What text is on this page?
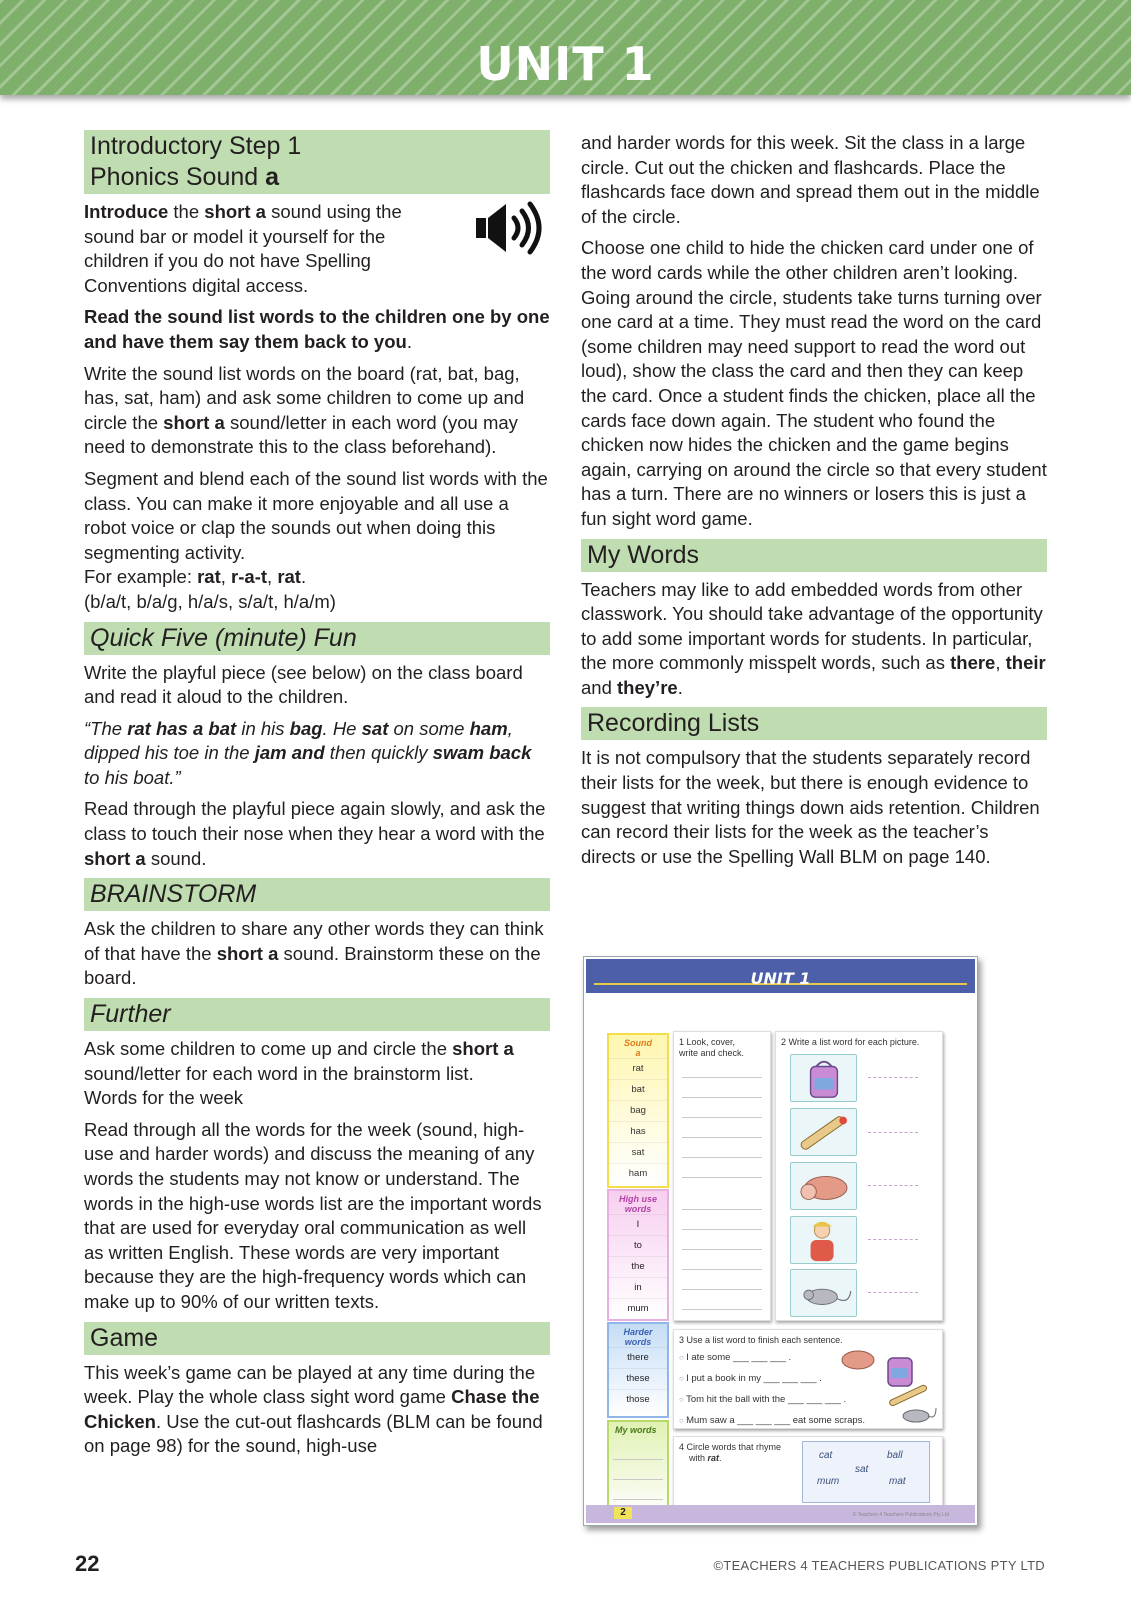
UNIT 1
Introductory Step 1
Phonics Sound a

Introduce the short a sound using the sound bar or model it yourself for the children if you do not have Spelling Conventions digital access.

Read the sound list words to the children one by one and have them say them back to you.

Write the sound list words on the board (rat, bat, bag, has, sat, ham) and ask some children to come up and circle the short a sound/letter in each word (you may need to demonstrate this to the class beforehand).

Segment and blend each of the sound list words with the class. You can make it more enjoyable and all use a robot voice or clap the sounds out when doing this segmenting activity.

For example: rat, r-a-t, rat.

(b/a/t, b/a/g, h/a/s, s/a/t, h/a/m)

Quick Five (minute) Fun

Write the playful piece (see below) on the class board and read it aloud to the children.

“The rat has a bat in his bag. He sat on some ham, dipped his toe in the jam and then quickly swam back to his boat.”

Read through the playful piece again slowly, and ask the class to touch their nose when they hear a word with the short a sound.

BRAINSTORM

Ask the children to share any other words they can think of that have the short a sound. Brainstorm these on the board.

Further

Ask some children to come up and circle the short a sound/letter for each word in the brainstorm list.

Words for the week

Read through all the words for the week (sound, high-use and harder words) and discuss the meaning of any words the students may not know or understand. The words in the high-use words list are the important words that are used for everyday oral communication as well as written English. These words are very important because they are the high-frequency words which can make up to 90% of our written texts.

Game

This week’s game can be played at any time during the week. Play the whole class sight word game Chase the Chicken. Use the cut-out flashcards (BLM can be found on page 98) for the sound, high-use

and harder words for this week. Sit the class in a large circle. Cut out the chicken and flashcards. Place the flashcards face down and spread them out in the middle of the circle.

Choose one child to hide the chicken card under one of the word cards while the other children aren’t looking. Going around the circle, students take turns turning over one card at a time. They must read the word on the card (some children may need support to read the word out loud), show the class the card and then they can keep the card. Once a student finds the chicken, place all the cards face down again. The student who found the chicken now hides the chicken and the game begins again, carrying on around the circle so that every student has a turn. There are no winners or losers this is just a fun sight word game.

My Words

Teachers may like to add embedded words from other classwork. You should take advantage of the opportunity to add some important words for students. In particular, the more commonly misspelt words, such as there, their and they’re.

Recording Lists

It is not compulsory that the students separately record their lists for the week, but there is enough evidence to suggest that writing things down aids retention. Children can record their lists for the week as the teacher’s directs or use the Spelling Wall BLM on page 140.

UNIT 1
Sound
a
rat
bat
bag
has
sat
ham
High use
words
I
to
the
in
mum
Harder
words
there
these
those
My words
1 Look, cover,
write and check.
2 Write a list word for each picture.
3 Use a list word to finish each sentence.
○ I ate some ___ ___ ___ .
○ I put a book in my ___ ___ ___ .
○ Tom hit the ball with the ___ ___ ___ .
○ Mum saw a ___ ___ ___ eat some scraps.
4 Circle words that rhyme
with rat.	cat	ball
sat
mum	mat
2	© Teachers 4 Teachers Publications Pty Ltd
22	©TEACHERS 4 TEACHERS PUBLICATIONS PTY LTD
